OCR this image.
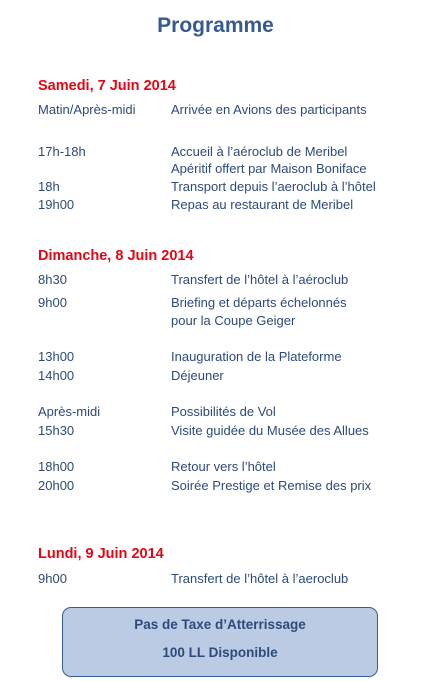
Programme
Samedi, 7 Juin 2014
Matin/Après-midi	Arrivée en Avions des participants
17h-18h	Accueil à l’aéroclub de Meribel
Apéritif offert par Maison Boniface
18h	Transport depuis l’aeroclub à l’hôtel
19h00	Repas au restaurant de Meribel
Dimanche, 8 Juin 2014
8h30	Transfert de l’hôtel à l’aéroclub
9h00	Briefing et départs échelonnés
pour la Coupe Geiger
13h00	Inauguration de la Plateforme
14h00	Déjeuner
Après-midi	Possibilités de Vol
15h30	Visite guidée du Musée des Allues
18h00	Retour vers l’hôtel
20h00	Soirée Prestige et Remise des prix
Lundi, 9 Juin 2014
9h00	Transfert de l’hôtel à l’aeroclub
Pas de Taxe d’Atterrissage
100 LL Disponible
